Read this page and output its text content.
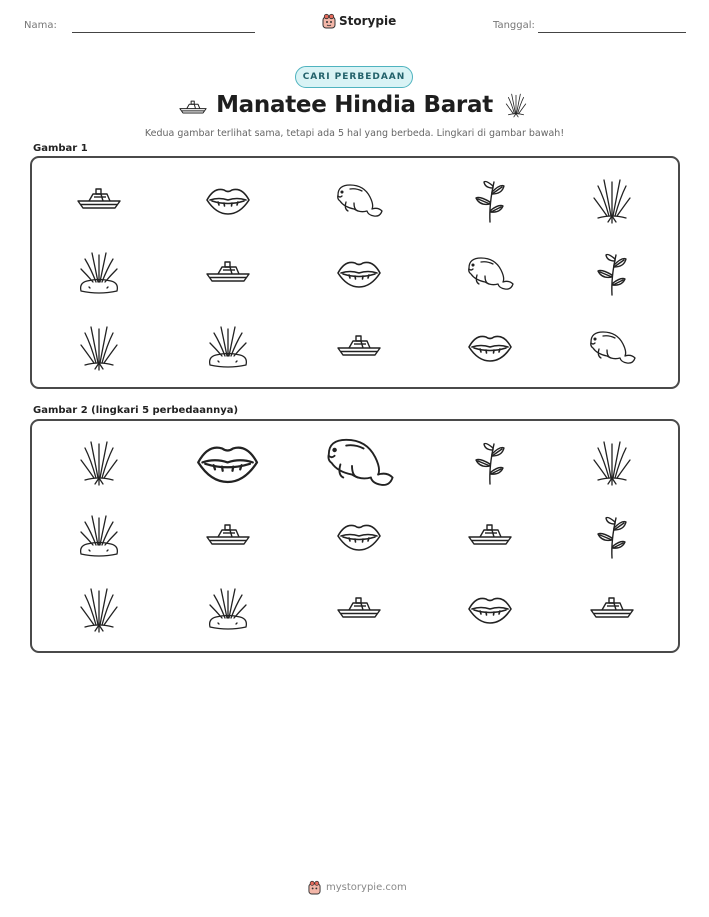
Nama:	Storypie	Tanggal:
CARI PERBEDAAN
Manatee Hindia Barat
Kedua gambar terlihat sama, tetapi ada 5 hal yang berbeda. Lingkari di gambar bawah!
Gambar 1
Gambar 2 (lingkari 5 perbedaannya)
mystorypie.com
